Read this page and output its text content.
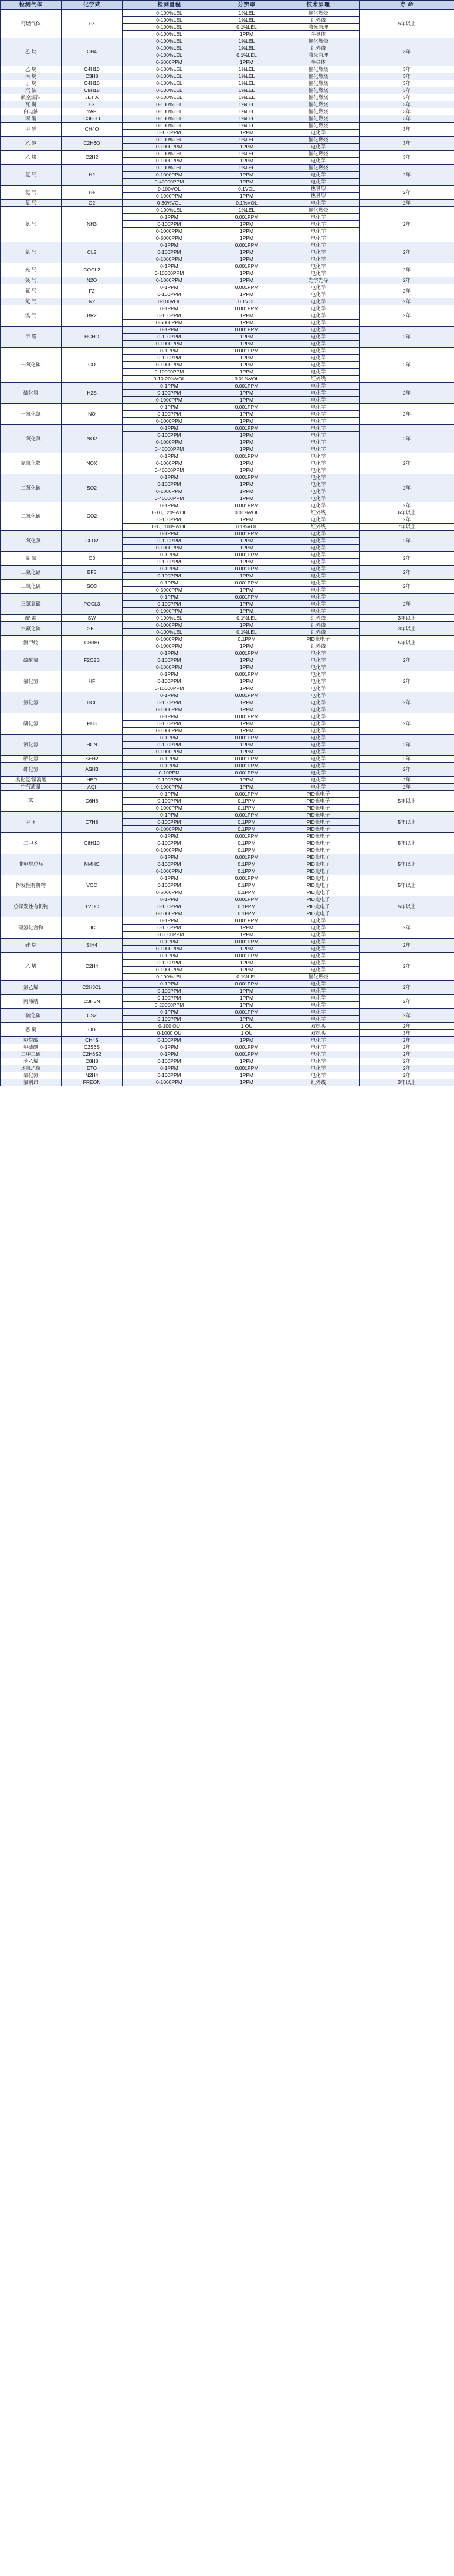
检测气体	化学式	检测量程	分辨率	技术原理	寿 命
可燃气体	EX	0-100%LEL	1%LEL	催化燃烧	5年以上
		0-100%LEL	1%LEL	红外线	
		0-100%LEL	0.1%LEL	激光原理	
		0-100%LEL	1PPM	半导体	
乙 烷	CH4	0-100%LEL	1%LEL	催化燃烧	3年
		0-100%LEL	1%LEL	红外线	
		0-100%LEL	0.1%LEL	激光原理	
		0-5000PPM	1PPM	半导体	
乙 烷	C4H10	0-100%LEL	1%LEL	催化燃烧	3年
丙 烷	C3H8	0-100%LEL	1%LEL	催化燃烧	3年
丁 烷	C4H10	0-100%LEL	1%LEL	催化燃烧	3年
汽 油	C8H18	0-100%LEL	1%LEL	催化燃烧	3年
航空煤油	JET A	0-100%LEL	1%LEL	催化燃烧	3年
瓦 斯	EX	0-100%LEL	1%LEL	催化燃烧	3年
白电油	YAP	0-100%LEL	1%LEL	催化燃烧	3年
丙 酮	C3H6O	0-100%LEL	1%LEL	催化燃烧	3年
甲 醛	CH4O	0-100%LEL	1%LEL	催化燃烧	3年
		0-100PPM	1PPM	电化学	
乙 醇	C2H6O	0-100%LEL	1%LEL	催化燃烧	3年
		0-1000PPM	1PPM	电化学	
乙 炔	C2H2	0-100%LEL	1%LEL	催化燃烧	3年
		0-1000PPM	1PPM	电化学	
氢 气	H2	0-100%LEL	1%LEL	催化燃烧	2年
		0-1000PPM	1PPM	电化学	
		0-40000PPM	1PPM	电化学	
氦 气	He	0-100VOL	0.1VOL	热导型	2年
		0-1000PPM	1PPM	热导型	
氧 气	O2	0-30%VOL	0.1%VOL	电化学	2年
氨 气	NH3	0-100%LEL	1%LEL	催化燃烧	2年
		0-1PPM	0.001PPM	电化学	
		0-100PPM	1PPM	电化学	
		0-1000PPM	1PPM	电化学	
		0-5000PPM	1PPM	电化学	
氯 气	CL2	0-1PPM	0.001PPM	电化学	2年
		0-100PPM	1PPM	电化学	
		0-1000PPM	1PPM	电化学	
光 气	COCL2	0-1PPM	0.001PPM	电化学	2年
		0-10000PPM	1PPM	电化学	
笑 气	N2O	0-1000PPM	1PPM	光学光导	2年
氟 气	F2	0-1PPM	0.001PPM	电化学	2年
		0-100PPM	1PPM	电化学	
氮 气	N2	0-100VOL	0.1VOL	电化学	2年
溴 气	BR2	0-1PPM	0.001PPM	电化学	2年
		0-100PPM	1PPM	电化学	
		0-5000PPM	1PPM	电化学	
甲 醛	HCHO	0-1PPM	0.001PPM	电化学	2年
		0-100PPM	1PPM	电化学	
		0-1000PPM	1PPM	电化学	
一氧化碳	CO	0-1PPM	0.001PPM	电化学	2年
		0-100PPM	1PPM	电化学	
		0-1000PPM	1PPM	电化学	
		0-10000PPM	1PPM	电化学	
		0-10-20%VOL	0.01%VOL	红外线	
硫化氢	H2S	0-1PPM	0.001PPM	电化学	2年
		0-100PPM	1PPM	电化学	
		0-1000PPM	1PPM	电化学	
一氧化氮	NO	0-1PPM	0.001PPM	电化学	2年
		0-100PPM	1PPM	电化学	
		0-1000PPM	1PPM	电化学	
二氧化氮	NO2	0-1PPM	0.001PPM	电化学	2年
		0-100PPM	1PPM	电化学	
		0-1000PPM	1PPM	电化学	
		0-40000PPM	1PPM	电化学	
氮氧化物	NOX	0-1PPM	0.001PPM	电化学	2年
		0-1000PPM	1PPM	电化学	
		0-40000PPM	1PPM	电化学	
二氧化硫	SO2	0-1PPM	0.001PPM	电化学	2年
		0-100PPM	1PPM	电化学	
		0-1000PPM	1PPM	电化学	
		0-40000PPM	1PPM	电化学	
二氧化碳	CO2	0-1PPM	0.001PPM	电化学	2年
		0-10、20%VOL	0.01%VOL	红外线	6年以上
		0-100PPM	1PPM	电化学	2年
		0-1、100%VOL	0.1%VOL	红外线	7年以上
二氧化氯	CLO2	0-1PPM	0.001PPM	电化学	2年
		0-100PPM	1PPM	电化学	
		0-1000PPM	1PPM	电化学	
臭 氧	O3	0-1PPM	0.001PPM	电化学	2年
		0-100PPM	1PPM	电化学	
三氟化硼	BF3	0-1PPM	0.001PPM	电化学	2年
		0-100PPM	1PPM	电化学	
三氧化硫	SO3	0-1PPM	0.001PPM	电化学	2年
		0-5000PPM	1PPM	电化学	
三氯氧磷	POCL3	0-1PPM	0.001PPM	电化学	2年
		0-100PPM	1PPM	电化学	
		0-1000PPM	1PPM	电化学	
酸 素	SW	0-100%LEL	0.1%LEL	红外线	3年以上
六氟化硫	SF6	0-1000PPM	1PPM	红外线	3年以上
		0-100%LEL	0.1%LEL	红外线	
溴甲烷	CH3Br	0-1000PPM	0.1PPM	PID光电子	5年以上
		0-1000PPM	1PPM	红外线	
硫酰氟	F2O2S	0-1PPM	0.001PPM	电化学	2年
		0-100PPM	1PPM	电化学	
		0-1000PPM	1PPM	电化学	
氟化氢	HF	0-1PPM	0.001PPM	电化学	2年
		0-100PPM	1PPM	电化学	
		0-10000PPM	1PPM	电化学	
氯化氢	HCL	0-1PPM	0.001PPM	电化学	2年
		0-100PPM	1PPM	电化学	
		0-1000PPM	1PPM	电化学	
磷化氢	PH3	0-1PPM	0.001PPM	电化学	2年
		0-100PPM	1PPM	电化学	
		0-1000PPM	1PPM	电化学	
氰化氢	HCN	0-1PPM	0.001PPM	电化学	2年
		0-100PPM	1PPM	电化学	
		0-1000PPM	1PPM	电化学	
硒化氢	SEH2	0-1PPM	0.001PPM	电化学	2年
砷化氢	ASH3	0-1PPM	0.001PPM	电化学	2年
		0-10PPM	0.001PPM	电化学	
溴化氢/氢溴酸	HBR	0-100PPM	1PPM	电化学	2年
空气质量	AQI	0-1000PPM	1PPM	电化学	2年
苯	C6H6	0-1PPM	0.001PPM	PID光电子	5年以上
		0-100PPM	0.1PPM	PID光电子	
		0-1000PPM	0.1PPM	PID光电子	
甲 苯	C7H8	0-1PPM	0.001PPM	PID光电子	5年以上
		0-100PPM	0.1PPM	PID光电子	
		0-1000PPM	0.1PPM	PID光电子	
二甲苯	C8H10	0-1PPM	0.001PPM	PID光电子	5年以上
		0-100PPM	0.1PPM	PID光电子	
		0-1000PPM	0.1PPM	PID光电子	
非甲烷总烃	NMHC	0-1PPM	0.001PPM	PID光电子	5年以上
		0-100PPM	0.1PPM	PID光电子	
		0-1000PPM	0.1PPM	PID光电子	
挥发性有机物	VOC	0-1PPM	0.001PPM	PID光电子	5年以上
		0-100PPM	0.1PPM	PID光电子	
		0-5000PPM	0.1PPM	PID光电子	
总挥发性有机物	TVOC	0-1PPM	0.001PPM	PID光电子	5年以上
		0-100PPM	0.1PPM	PID光电子	
		0-1000PPM	0.1PPM	PID光电子	
碳氢化合物	HC	0-1PPM	0.001PPM	电化学	2年
		0-100PPM	1PPM	电化学	
		0-10000PPM	1PPM	电化学	
硅 烷	SIH4	0-1PPM	0.001PPM	电化学	2年
		0-1000PPM	1PPM	电化学	
乙 烯	C2H4	0-1PPM	0.001PPM	电化学	2年
		0-100PPM	1PPM	电化学	
		0-1000PPM	1PPM	电化学	
		0-100%LEL	0.1%LEL	催化燃烧	
氯乙烯	C2H3CL	0-1PPM	0.001PPM	电化学	2年
		0-100PPM	1PPM	电化学	
丙烯腈	C3H3N	0-100PPM	1PPM	电化学	2年
		0-20000PPM	1PPM	电化学	
二硫化碳	CS2	0-1PPM	0.001PPM	电化学	2年
		0-100PPM	1PPM	电化学	
恶 臭	OU	0-100 OU	1 OU	双探头	2年
		0-1000 OU	1 OU	双探头	3年
甲烷酸	CH4S	0-100PPM	1PPM	电化学	2年
甲硫醚	C2S6S	0-1PPM	0.001PPM	电化学	2年
二甲二硫	C2H6S2	0-1PPM	0.001PPM	电化学	2年
苯乙烯	C8H8	0-100PPM	1PPM	电化学	2年
环氧乙烷	ETO	0-1PPM	0.001PPM	电化学	2年
氧化氮	N2H4	0-100PPM	1PPM	电化学	2年
氟利昂	FREON	0-1000PPM	1PPM	红外线	3年以上
